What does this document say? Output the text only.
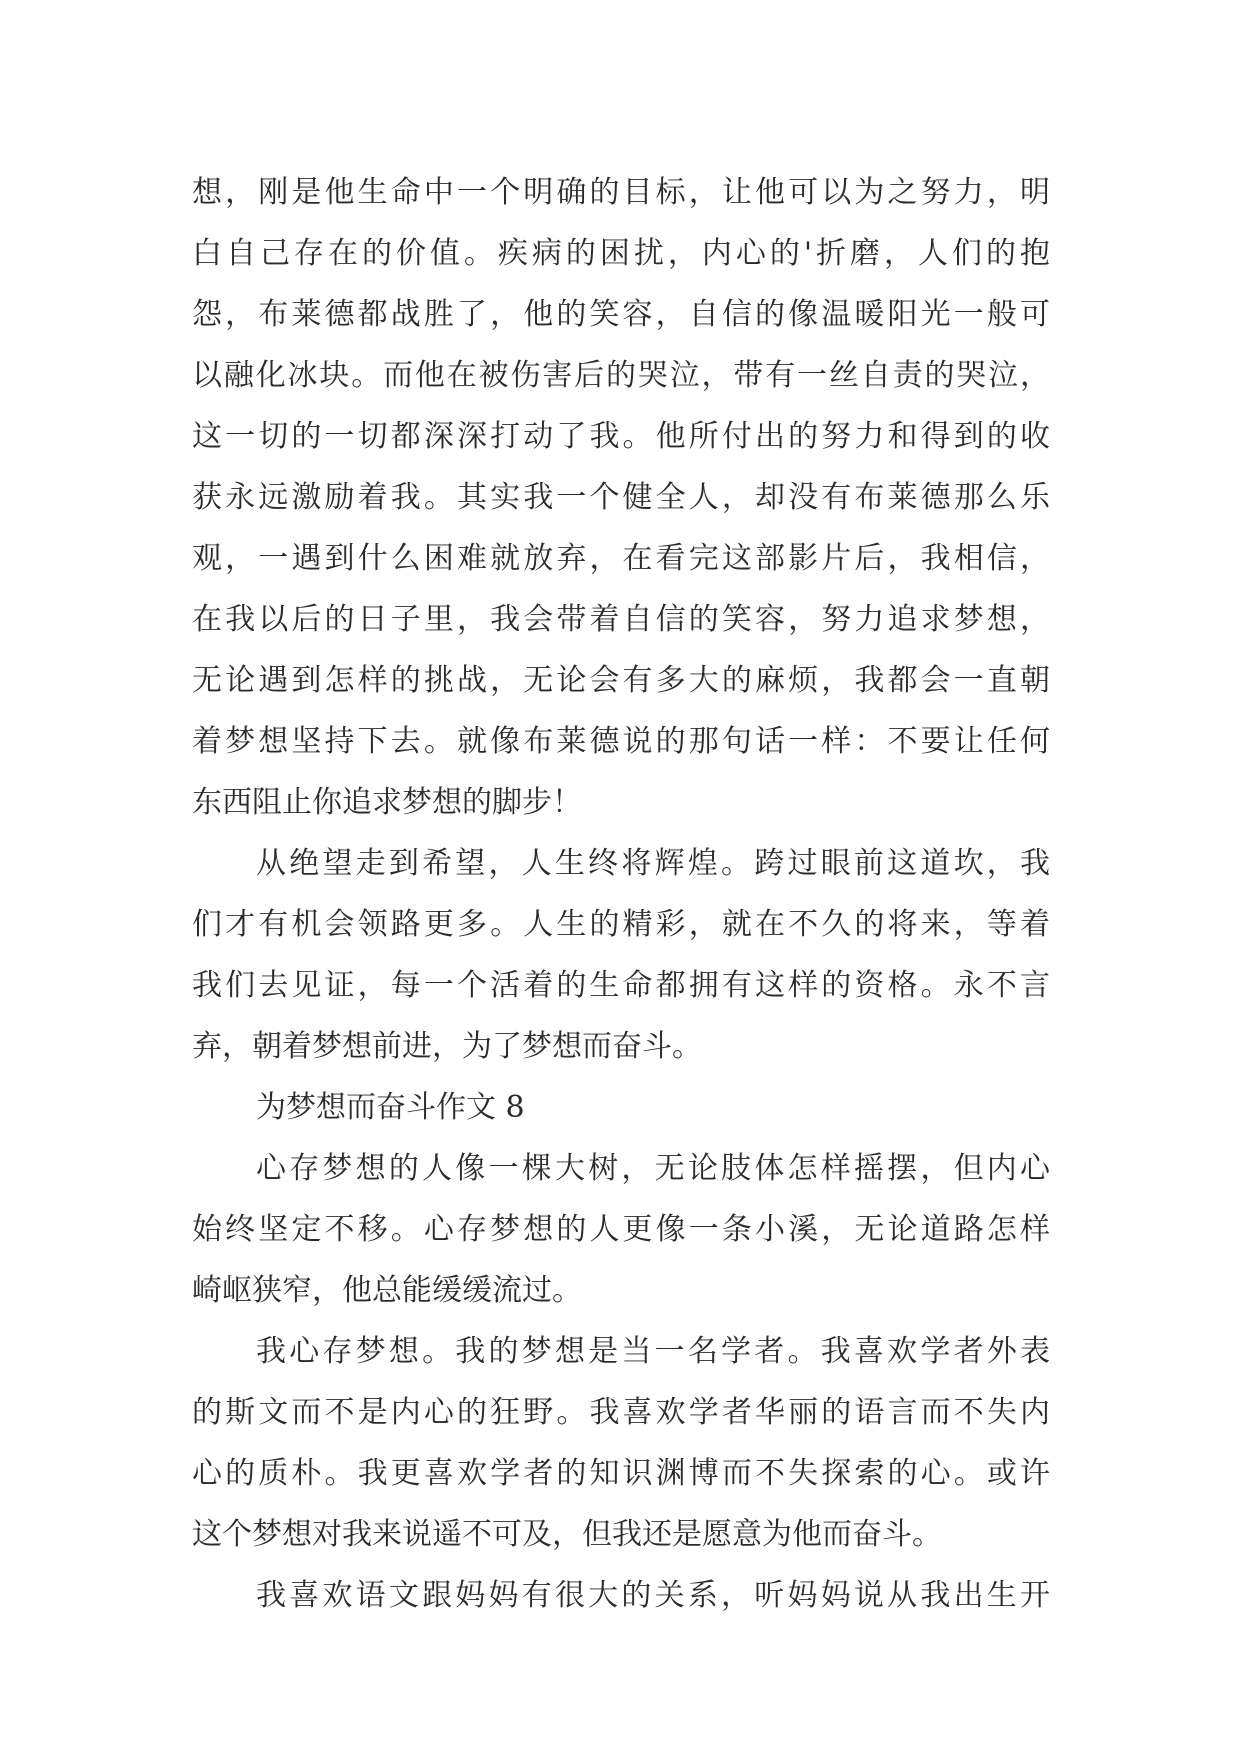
想，刚是他生命中一个明确的目标，让他可以为之努力，明
白自己存在的价值。疾病的困扰，内心的'折磨，人们的抱
怨，布莱德都战胜了，他的笑容，自信的像温暖阳光一般可
以融化冰块。而他在被伤害后的哭泣，带有一丝自责的哭泣，
这一切的一切都深深打动了我。他所付出的努力和得到的收
获永远激励着我。其实我一个健全人，却没有布莱德那么乐
观，一遇到什么困难就放弃，在看完这部影片后，我相信，
在我以后的日子里，我会带着自信的笑容，努力追求梦想，
无论遇到怎样的挑战，无论会有多大的麻烦，我都会一直朝
着梦想坚持下去。就像布莱德说的那句话一样：不要让任何
东西阻止你追求梦想的脚步！
从绝望走到希望，人生终将辉煌。跨过眼前这道坎，我
们才有机会领路更多。人生的精彩，就在不久的将来，等着
我们去见证，每一个活着的生命都拥有这样的资格。永不言
弃，朝着梦想前进，为了梦想而奋斗。
为梦想而奋斗作文 8
心存梦想的人像一棵大树，无论肢体怎样摇摆，但内心
始终坚定不移。心存梦想的人更像一条小溪，无论道路怎样
崎岖狭窄，他总能缓缓流过。
我心存梦想。我的梦想是当一名学者。我喜欢学者外表
的斯文而不是内心的狂野。我喜欢学者华丽的语言而不失内
心的质朴。我更喜欢学者的知识渊博而不失探索的心。或许
这个梦想对我来说遥不可及，但我还是愿意为他而奋斗。
我喜欢语文跟妈妈有很大的关系，听妈妈说从我出生开
